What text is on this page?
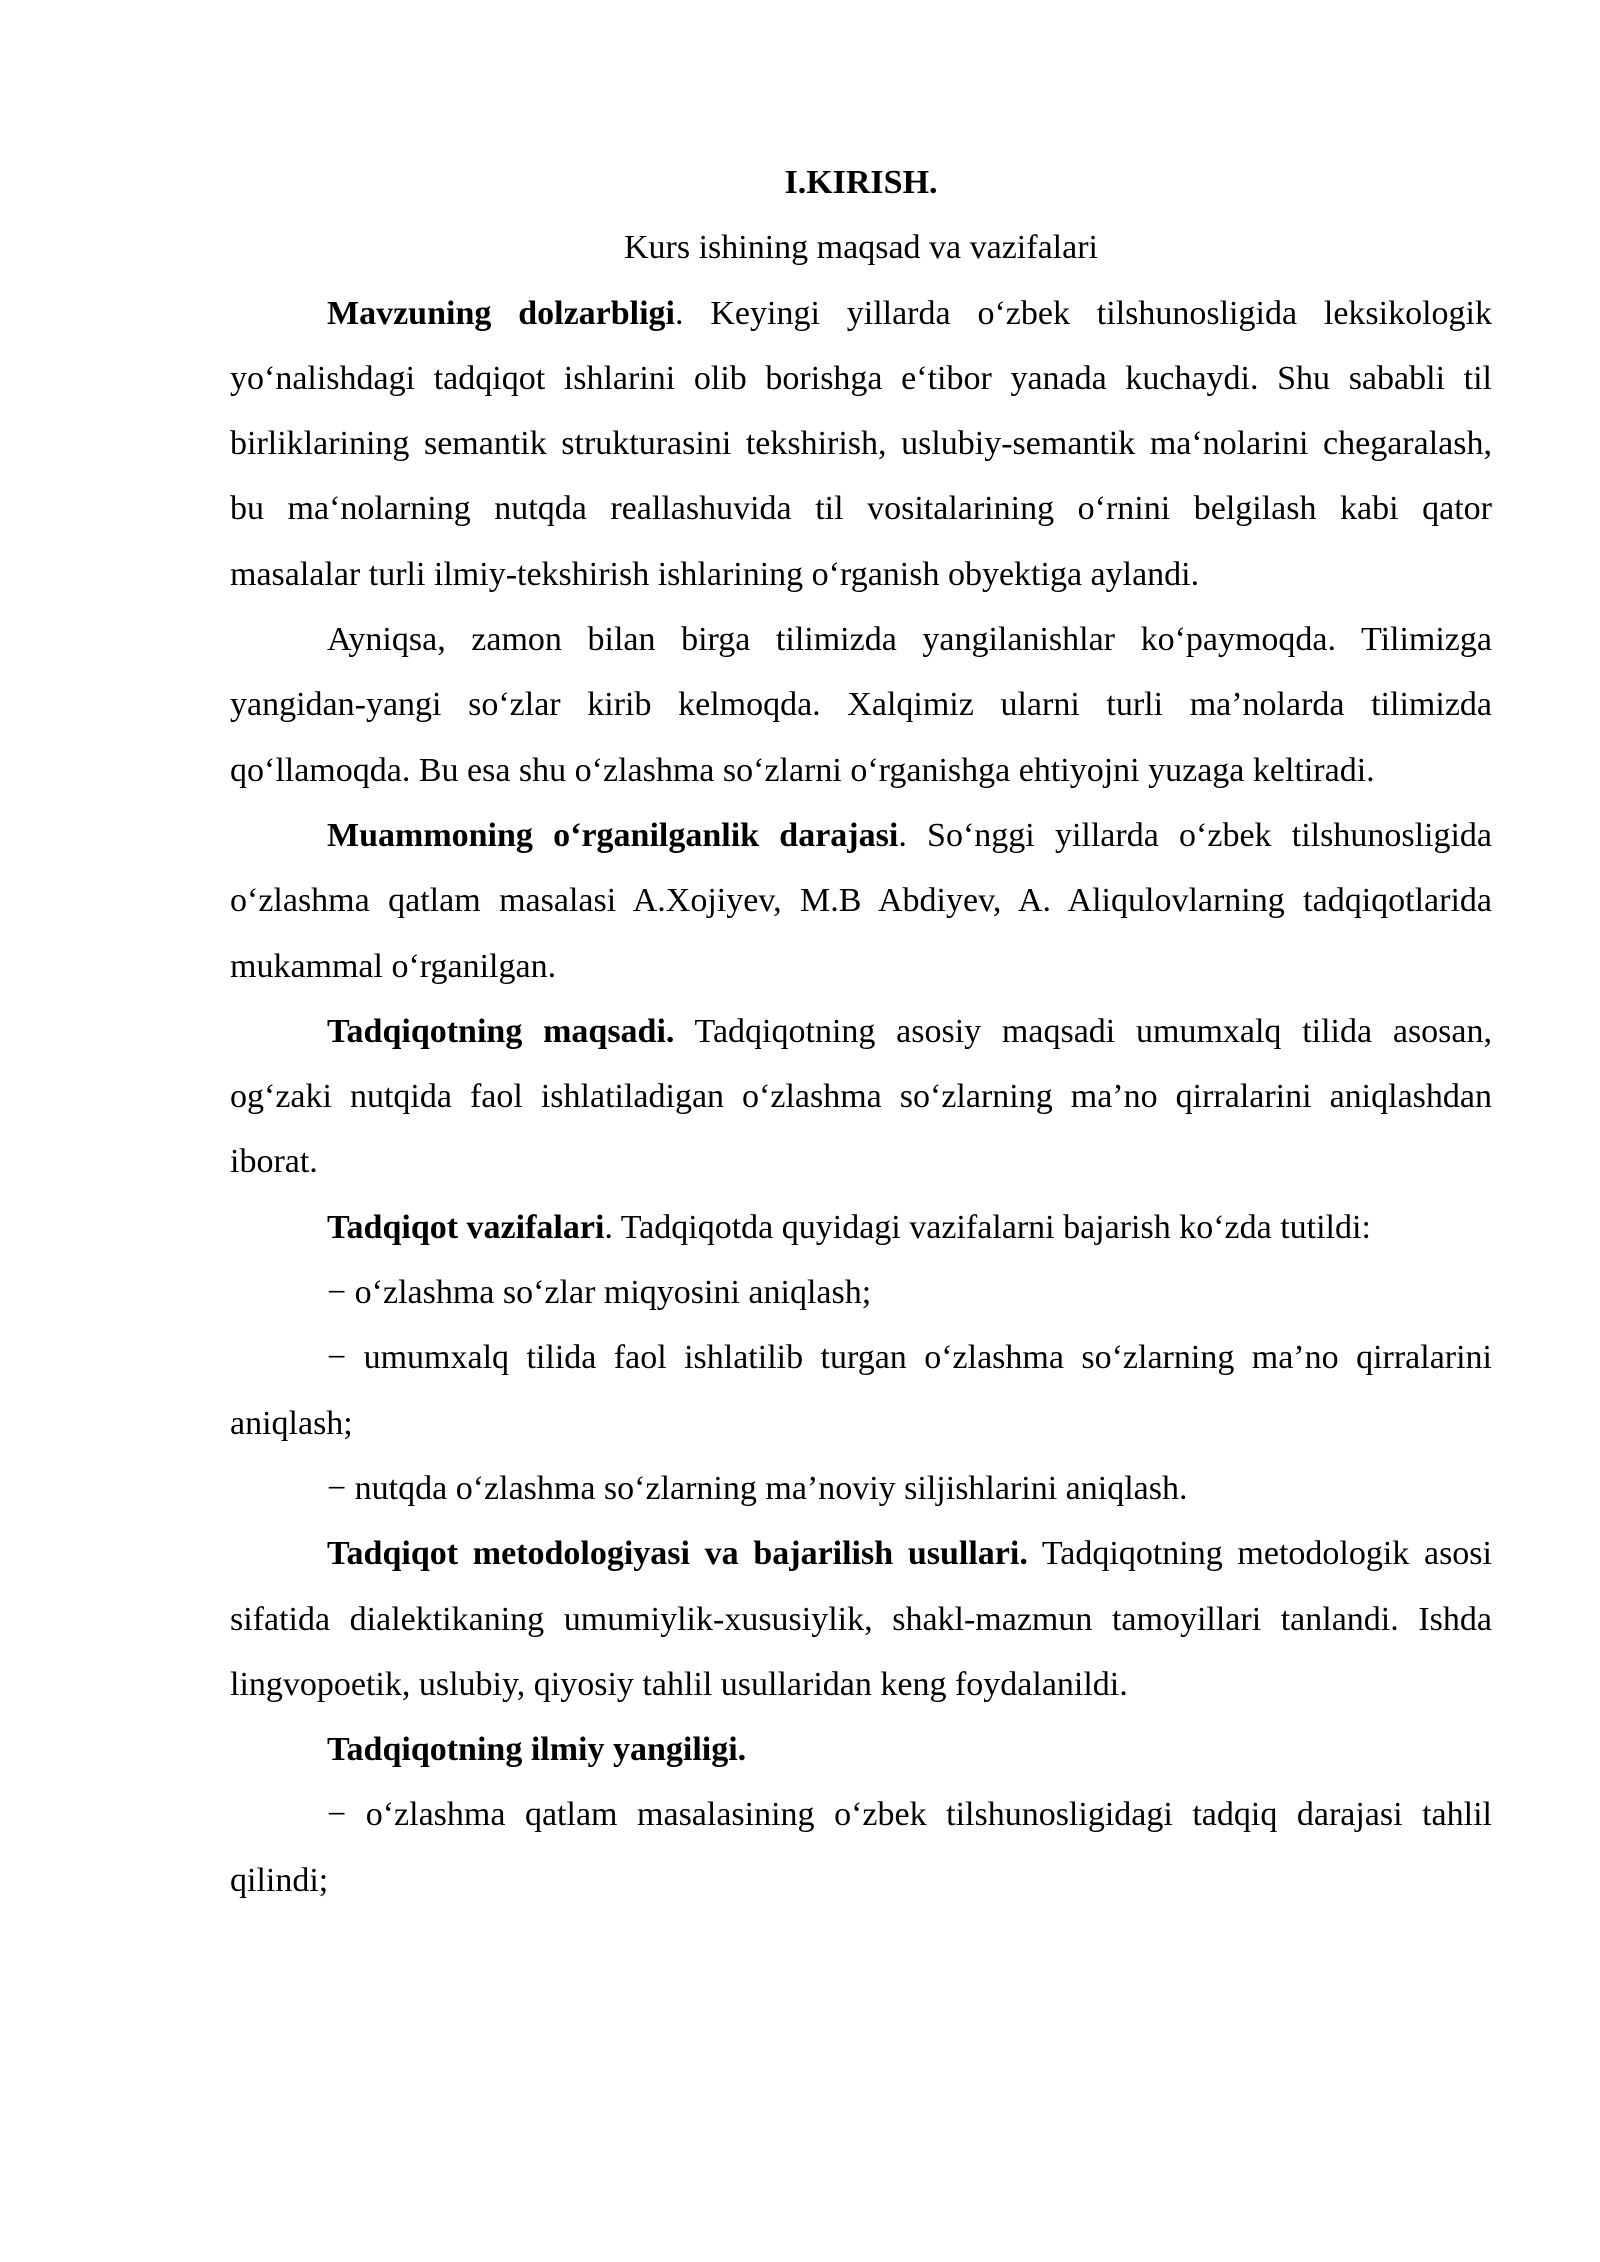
I.KIRISH.

Kurs ishining maqsad va vazifalari

Mavzuning dolzarbligi. Keyingi yillarda o‘zbek tilshunosligida leksikologik yo‘nalishdagi tadqiqot ishlarini olib borishga e‘tibor yanada kuchaydi. Shu sababli til birliklarining semantik strukturasini tekshirish, uslubiy-semantik ma‘nolarini chegaralash, bu ma‘nolarning nutqda reallashuvida til vositalarining o‘rnini belgilash kabi qator masalalar turli ilmiy-tekshirish ishlarining o‘rganish obyektiga aylandi.

Ayniqsa, zamon bilan birga tilimizda yangilanishlar ko‘paymoqda. Tilimizga yangidan-yangi so‘zlar kirib kelmoqda. Xalqimiz ularni turli ma’nolarda tilimizda qo‘llamoqda. Bu esa shu o‘zlashma so‘zlarni o‘rganishga ehtiyojni yuzaga keltiradi.

Muammoning o‘rganilganlik darajasi. So‘nggi yillarda o‘zbek tilshunosligida o‘zlashma qatlam masalasi A.Xojiyev, M.B Abdiyev, A. Aliqulovlarning tadqiqotlarida mukammal o‘rganilgan.

Tadqiqotning maqsadi. Tadqiqotning asosiy maqsadi umumxalq tilida asosan, og‘zaki nutqida faol ishlatiladigan o‘zlashma so‘zlarning ma’no qirralarini aniqlashdan iborat.

Tadqiqot vazifalari. Tadqiqotda quyidagi vazifalarni bajarish ko‘zda tutildi:

− o‘zlashma so‘zlar miqyosini aniqlash;

− umumxalq tilida faol ishlatilib turgan o‘zlashma so‘zlarning ma’no qirralarini aniqlash;

− nutqda o‘zlashma so‘zlarning ma’noviy siljishlarini aniqlash.

Tadqiqot metodologiyasi va bajarilish usullari. Tadqiqotning metodologik asosi sifatida dialektikaning umumiylik-xususiylik, shakl-mazmun tamoyillari tanlandi. Ishda lingvopoetik, uslubiy, qiyosiy tahlil usullaridan keng foydalanildi.

Tadqiqotning ilmiy yangiligi.

− o‘zlashma qatlam masalasining o‘zbek tilshunosligidagi tadqiq darajasi tahlil qilindi;
